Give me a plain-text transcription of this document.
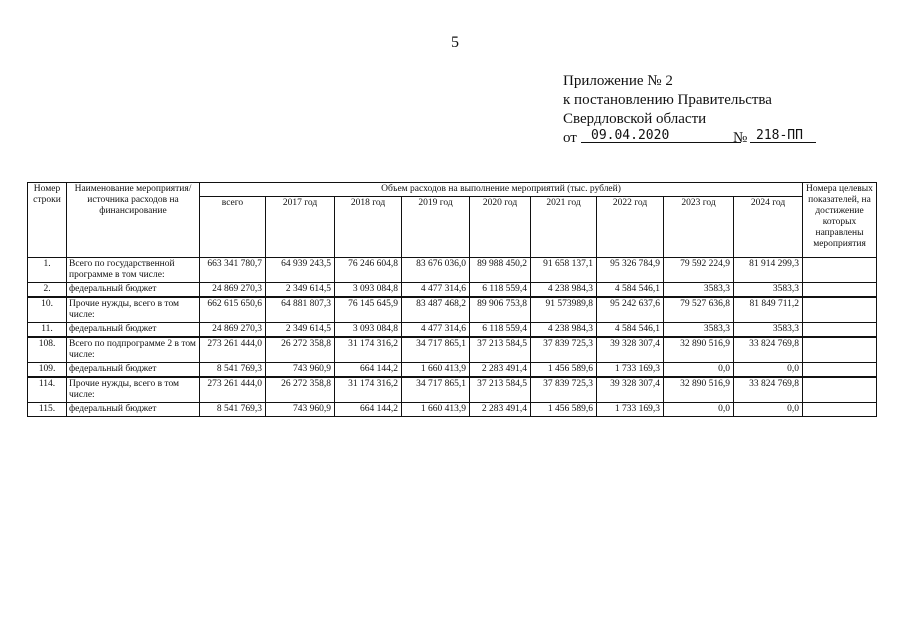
5
Приложение № 2
к постановлению Правительства
Свердловской области
от	09.04.2020	№ 218-ПП
Номер строки	Наименование мероприятия/ источника расходов на финансирование	Объем расходов на выполнение мероприятий (тыс. рублей)									Номера целевых показателей, на достижение которых направлены мероприятия
		всего	2017 год	2018 год	2019 год	2020 год	2021 год	2022 год	2023 год	2024 год	
1.	Всего по государственной программе в том числе:	663 341 780,7	64 939 243,5	76 246 604,8	83 676 036,0	89 988 450,2	91 658 137,1	95 326 784,9	79 592 224,9	81 914 299,3	
2.	федеральный бюджет	24 869 270,3	2 349 614,5	3 093 084,8	4 477 314,6	6 118 559,4	4 238 984,3	4 584 546,1	3583,3	3583,3	
10.	Прочие нужды, всего в том числе:	662 615 650,6	64 881 807,3	76 145 645,9	83 487 468,2	89 906 753,8	91 573989,8	95 242 637,6	79 527 636,8	81 849 711,2	
11.	федеральный бюджет	24 869 270,3	2 349 614,5	3 093 084,8	4 477 314,6	6 118 559,4	4 238 984,3	4 584 546,1	3583,3	3583,3	
108.	Всего по подпрограмме 2 в том числе:	273 261 444,0	26 272 358,8	31 174 316,2	34 717 865,1	37 213 584,5	37 839 725,3	39 328 307,4	32 890 516,9	33 824 769,8	
109.	федеральный бюджет	8 541 769,3	743 960,9	664 144,2	1 660 413,9	2 283 491,4	1 456 589,6	1 733 169,3	0,0	0,0	
114.	Прочие нужды, всего в том числе:	273 261 444,0	26 272 358,8	31 174 316,2	34 717 865,1	37 213 584,5	37 839 725,3	39 328 307,4	32 890 516,9	33 824 769,8	
115.	федеральный бюджет	8 541 769,3	743 960,9	664 144,2	1 660 413,9	2 283 491,4	1 456 589,6	1 733 169,3	0,0	0,0	
